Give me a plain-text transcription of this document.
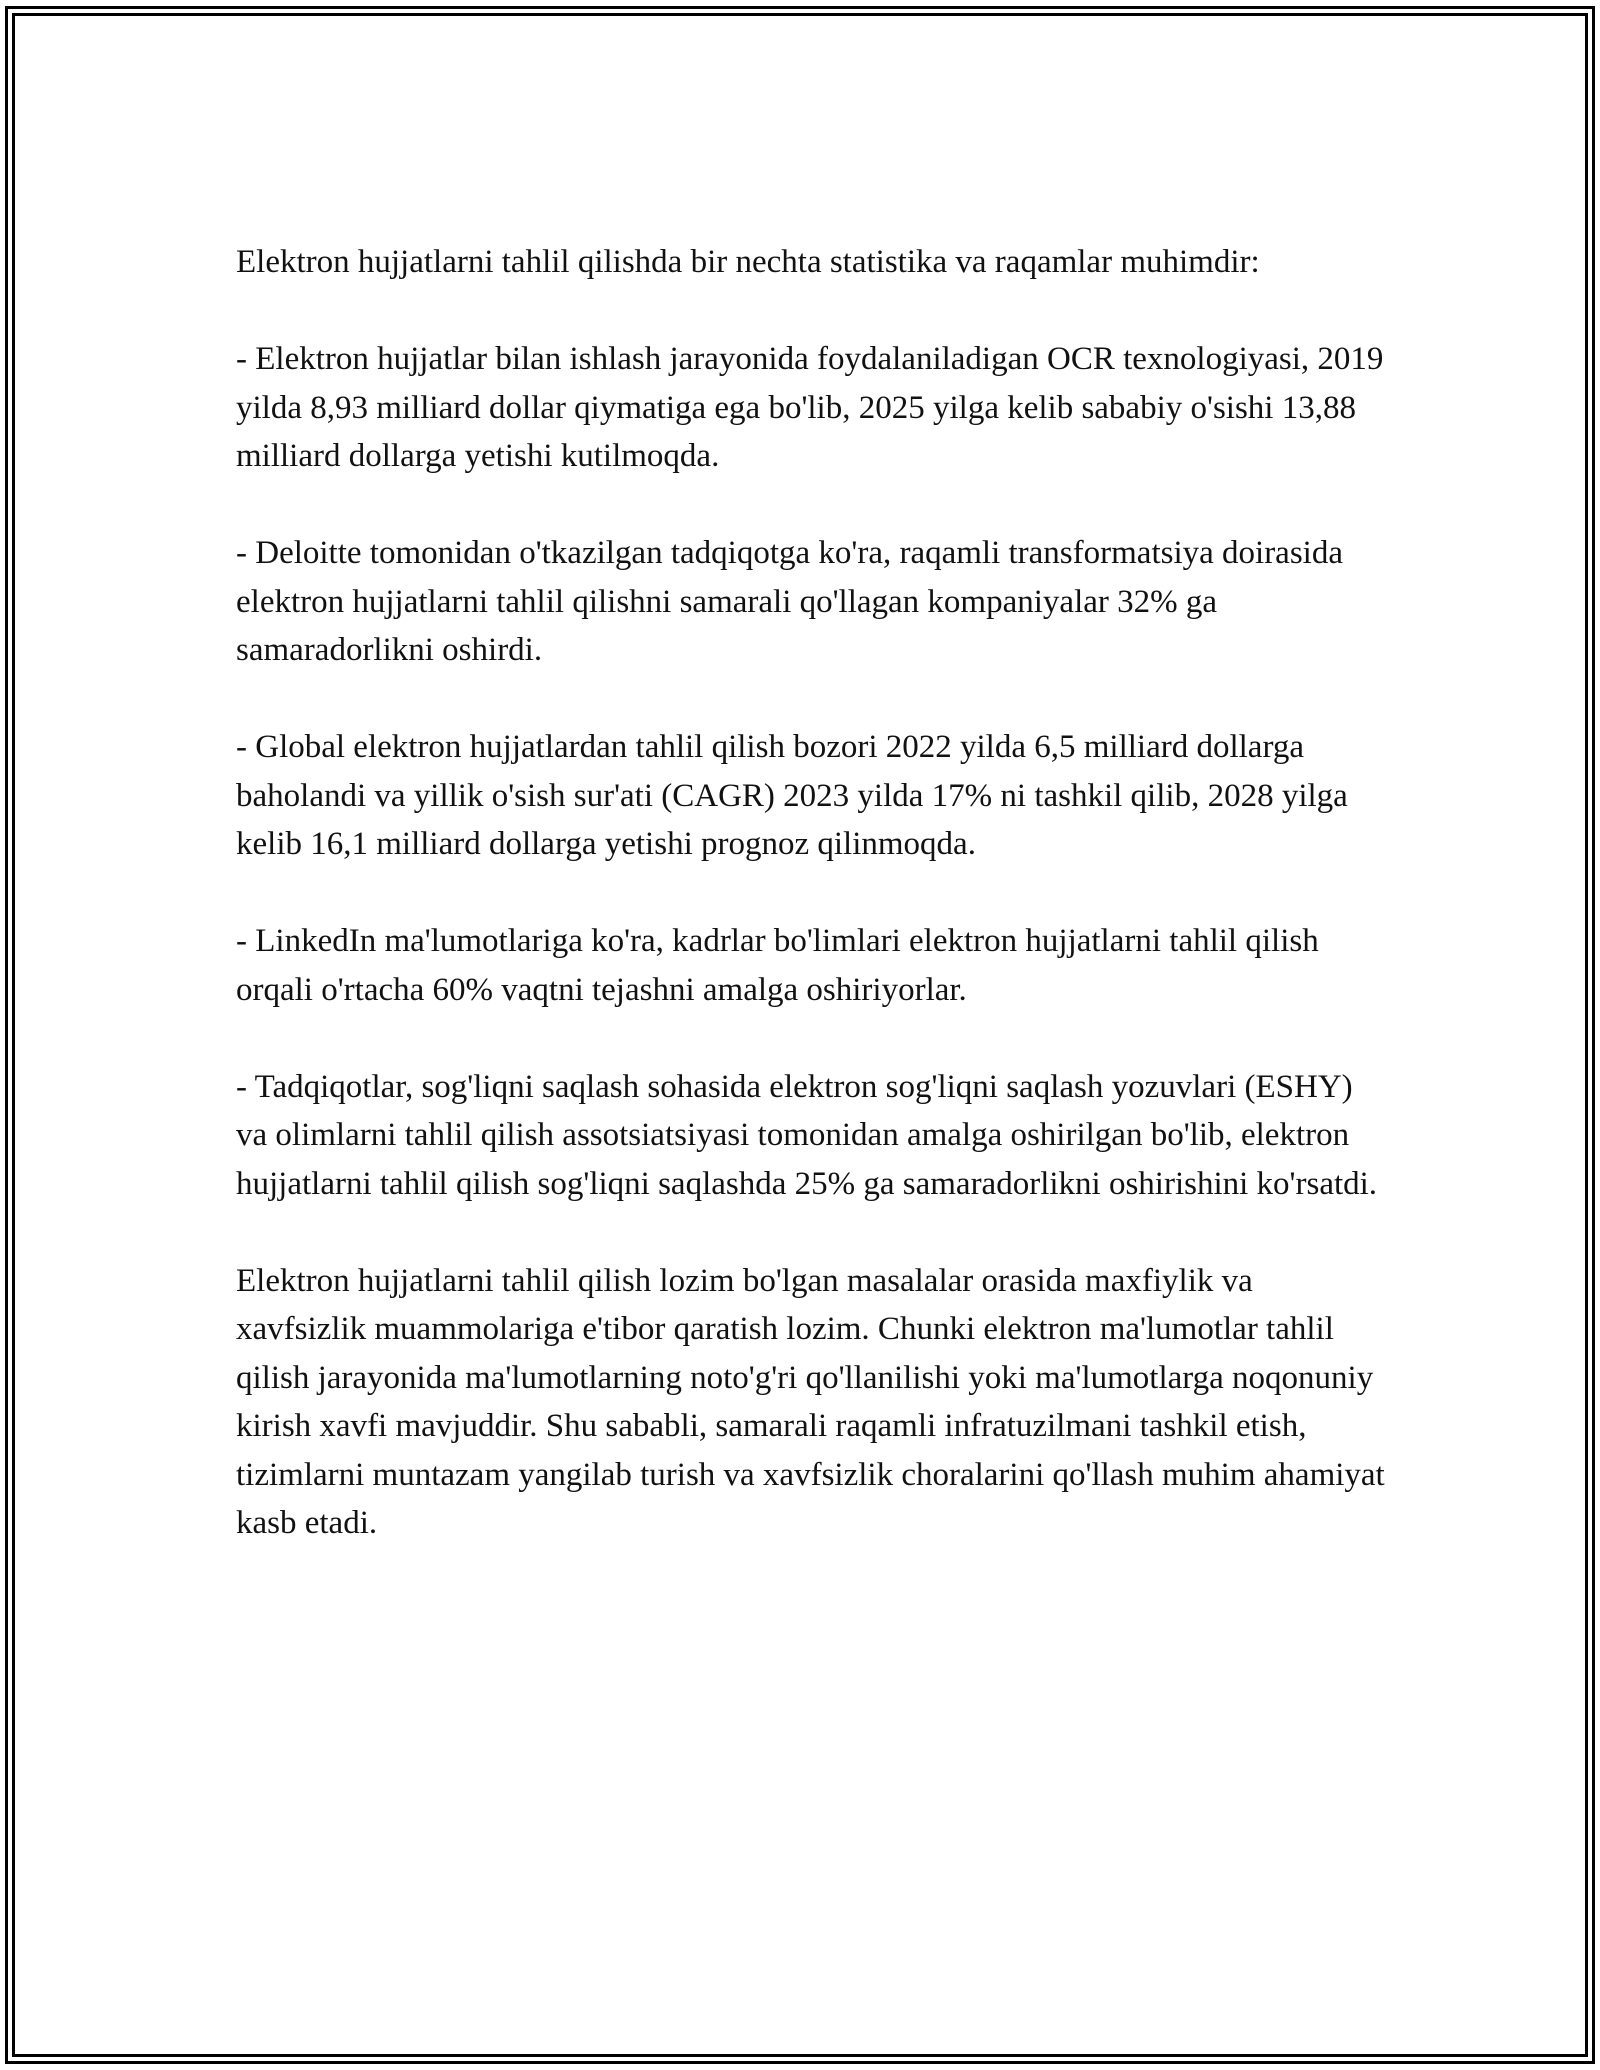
Elektron hujjatlarni tahlil qilishda bir nechta statistika va raqamlar muhimdir:

- Elektron hujjatlar bilan ishlash jarayonida foydalaniladigan OCR texnologiyasi, 2019 yilda 8,93 milliard dollar qiymatiga ega bo'lib, 2025 yilga kelib sababiy o'sishi 13,88 milliard dollarga yetishi kutilmoqda.

- Deloitte tomonidan o'tkazilgan tadqiqotga ko'ra, raqamli transformatsiya doirasida elektron hujjatlarni tahlil qilishni samarali qo'llagan kompaniyalar 32% ga samaradorlikni oshirdi.

- Global elektron hujjatlardan tahlil qilish bozori 2022 yilda 6,5 milliard dollarga baholandi va yillik o'sish sur'ati (CAGR) 2023 yilda 17% ni tashkil qilib, 2028 yilga kelib 16,1 milliard dollarga yetishi prognoz qilinmoqda.

- LinkedIn ma'lumotlariga ko'ra, kadrlar bo'limlari elektron hujjatlarni tahlil qilish orqali o'rtacha 60% vaqtni tejashni amalga oshiriyorlar.

- Tadqiqotlar, sog'liqni saqlash sohasida elektron sog'liqni saqlash yozuvlari (ESHY) va olimlarni tahlil qilish assotsiatsiyasi tomonidan amalga oshirilgan bo'lib, elektron hujjatlarni tahlil qilish sog'liqni saqlashda 25% ga samaradorlikni oshirishini ko'rsatdi.

Elektron hujjatlarni tahlil qilish lozim bo'lgan masalalar orasida maxfiylik va xavfsizlik muammolariga e'tibor qaratish lozim. Chunki elektron ma'lumotlar tahlil qilish jarayonida ma'lumotlarning noto'g'ri qo'llanilishi yoki ma'lumotlarga noqonuniy kirish xavfi mavjuddir. Shu sababli, samarali raqamli infratuzilmani tashkil etish, tizimlarni muntazam yangilab turish va xavfsizlik choralarini qo'llash muhim ahamiyat kasb etadi.
